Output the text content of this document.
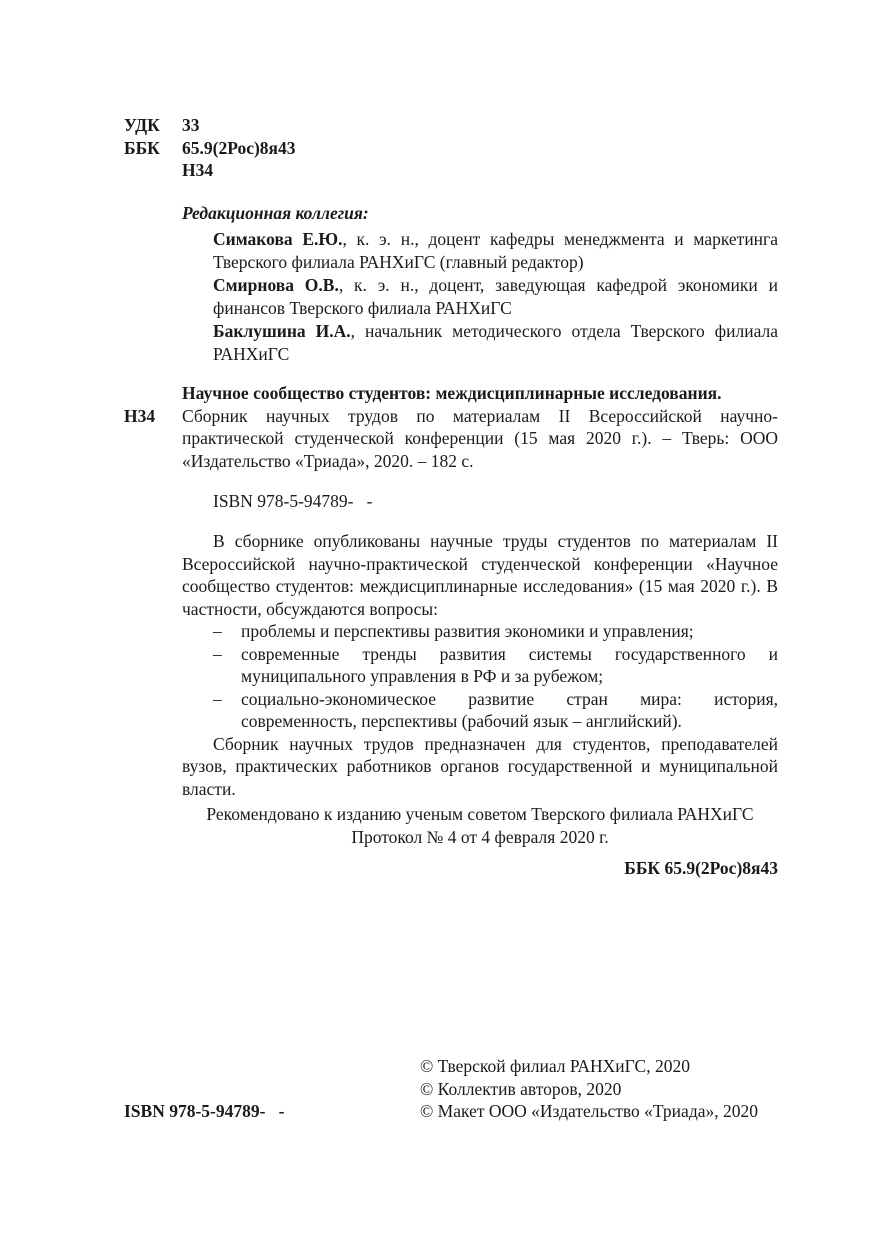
УДК 33
ББК 65.9(2Рос)8я43
Н34
Редакционная коллегия:
Симакова Е.Ю., к. э. н., доцент кафедры менеджмента и маркетинга Тверского филиала РАНХиГС (главный редактор)
Смирнова О.В., к. э. н., доцент, заведующая кафедрой экономики и финансов Тверского филиала РАНХиГС
Баклушина И.А., начальник методического отдела Тверского филиала РАНХиГС
Н34
Научное сообщество студентов: междисциплинарные исследования.
Сборник научных трудов по материалам II Всероссийской научно-практической студенческой конференции (15 мая 2020 г.). – Тверь: ООО «Издательство «Триада», 2020. – 182 с.
ISBN 978-5-94789-   -
В сборнике опубликованы научные труды студентов по материалам II Всероссийской научно-практической студенческой конференции «Научное сообщество студентов: междисциплинарные исследования» (15 мая 2020 г.). В частности, обсуждаются вопросы:
– проблемы и перспективы развития экономики и управления;
– современные тренды развития системы государственного и муниципального управления в РФ и за рубежом;
– социально-экономическое развитие стран мира: история, современность, перспективы (рабочий язык – английский).
Сборник научных трудов предназначен для студентов, преподавателей вузов, практических работников органов государственной и муниципальной власти.
Рекомендовано к изданию ученым советом Тверского филиала РАНХиГС
Протокол № 4 от 4 февраля 2020 г.
ББК 65.9(2Рос)8я43
ISBN 978-5-94789-   -
© Тверской филиал РАНХиГС, 2020
© Коллектив авторов, 2020
© Макет ООО «Издательство «Триада», 2020
